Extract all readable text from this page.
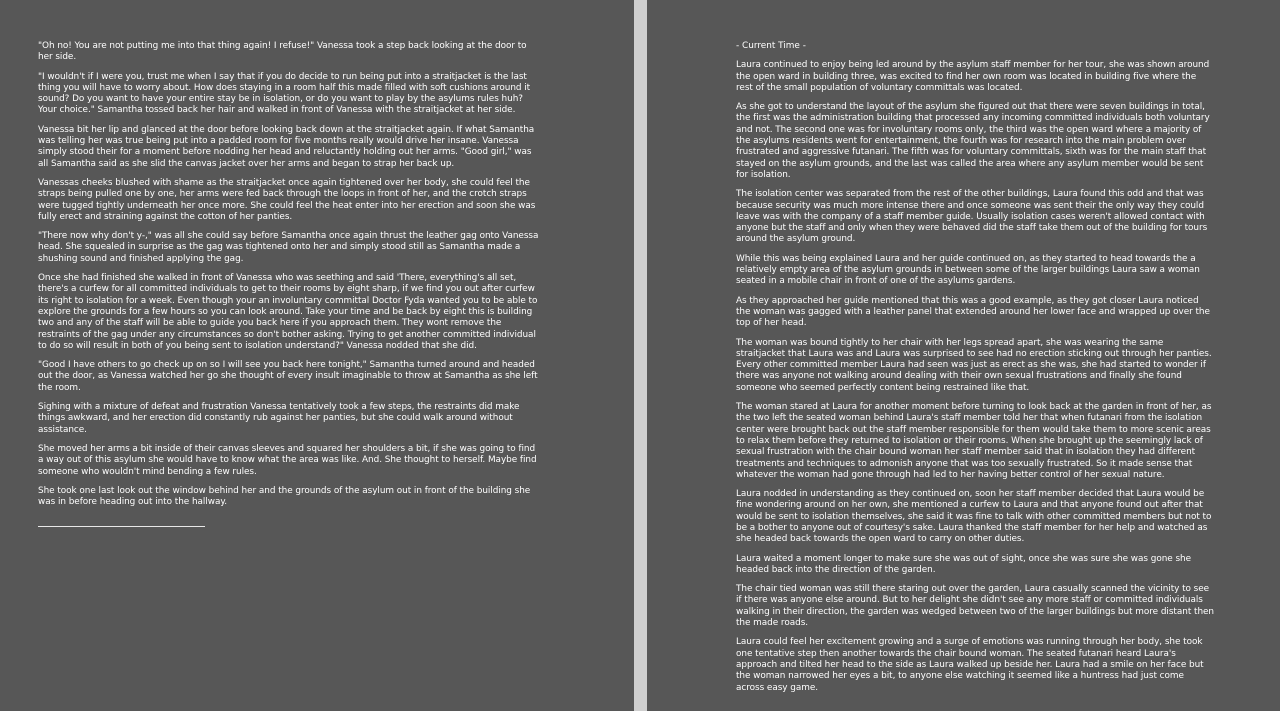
"Oh no! You are not putting me into that thing again! I refuse!" Vanessa took a step back looking at the door to her side.

"I wouldn't if I were you, trust me when I say that if you do decide to run being put into a straitjacket is the last thing you will have to worry about. How does staying in a room half this made filled with soft cushions around it sound? Do you want to have your entire stay be in isolation, or do you want to play by the asylums rules huh? Your choice." Samantha tossed back her hair and walked in front of Vanessa with the straitjacket at her side.

Vanessa bit her lip and glanced at the door before looking back down at the straitjacket again. If what Samantha was telling her was true being put into a padded room for five months really would drive her insane. Vanessa simply stood their for a moment before nodding her head and reluctantly holding out her arms. "Good girl," was all Samantha said as she slid the canvas jacket over her arms and began to strap her back up.

Vanessas cheeks blushed with shame as the straitjacket once again tightened over her body, she could feel the straps being pulled one by one, her arms were fed back through the loops in front of her, and the crotch straps were tugged tightly underneath her once more. She could feel the heat enter into her erection and soon she was fully erect and straining against the cotton of her panties.

"There now why don't y-," was all she could say before Samantha once again thrust the leather gag onto Vanessa head. She squealed in surprise as the gag was tightened onto her and simply stood still as Samantha made a shushing sound and finished applying the gag.

Once she had finished she walked in front of Vanessa who was seething and said 'There, everything's all set, there's a curfew for all committed individuals to get to their rooms by eight sharp, if we find you out after curfew its right to isolation for a week. Even though your an involuntary committal Doctor Fyda wanted you to be able to explore the grounds for a few hours so you can look around. Take your time and be back by eight this is building two and any of the staff will be able to guide you back here if you approach them. They wont remove the restraints of the gag under any circumstances so don't bother asking. Trying to get another committed individual to do so will result in both of you being sent to isolation understand?" Vanessa nodded that she did.

"Good I have others to go check up on so I will see you back here tonight," Samantha turned around and headed out the door, as Vanessa watched her go she thought of every insult imaginable to throw at Samantha as she left the room.

Sighing with a mixture of defeat and frustration Vanessa tentatively took a few steps, the restraints did make things awkward, and her erection did constantly rub against her panties, but she could walk around without assistance.

She moved her arms a bit inside of their canvas sleeves and squared her shoulders a bit, if she was going to find a way out of this asylum she would have to know what the area was like. And. She thought to herself. Maybe find someone who wouldn't mind bending a few rules.

She took one last look out the window behind her and the grounds of the asylum out in front of the building she was in before heading out into the hallway.

- Current Time -

Laura continued to enjoy being led around by the asylum staff member for her tour, she was shown around the open ward in building three, was excited to find her own room was located in building five where the rest of the small population of voluntary committals was located.

As she got to understand the layout of the asylum she figured out that there were seven buildings in total, the first was the administration building that processed any incoming committed individuals both voluntary and not. The second one was for involuntary rooms only, the third was the open ward where a majority of the asylums residents went for entertainment, the fourth was for research into the main problem over frustrated and aggressive futanari. The fifth was for voluntary committals, sixth was for the main staff that stayed on the asylum grounds, and the last was called the area where any asylum member would be sent for isolation.

The isolation center was separated from the rest of the other buildings, Laura found this odd and that was because security was much more intense there and once someone was sent their the only way they could leave was with the company of a staff member guide. Usually isolation cases weren't allowed contact with anyone but the staff and only when they were behaved did the staff take them out of the building for tours around the asylum ground.

While this was being explained Laura and her guide continued on, as they started to head towards the a relatively empty area of the asylum grounds in between some of the larger buildings Laura saw a woman seated in a mobile chair in front of one of the asylums gardens.

As they approached her guide mentioned that this was a good example, as they got closer Laura noticed the woman was gagged with a leather panel that extended around her lower face and wrapped up over the top of her head.

The woman was bound tightly to her chair with her legs spread apart, she was wearing the same straitjacket that Laura was and Laura was surprised to see had no erection sticking out through her panties. Every other committed member Laura had seen was just as erect as she was, she had started to wonder if there was anyone not walking around dealing with their own sexual frustrations and finally she found someone who seemed perfectly content being restrained like that.

The woman stared at Laura for another moment before turning to look back at the garden in front of her, as the two left the seated woman behind Laura's staff member told her that when futanari from the isolation center were brought back out the staff member responsible for them would take them to more scenic areas to relax them before they returned to isolation or their rooms. When she brought up the seemingly lack of sexual frustration with the chair bound woman her staff member said that in isolation they had different treatments and techniques to admonish anyone that was too sexually frustrated. So it made sense that whatever the woman had gone through had led to her having better control of her sexual nature.

Laura nodded in understanding as they continued on, soon her staff member decided that Laura would be fine wondering around on her own, she mentioned a curfew to Laura and that anyone found out after that would be sent to isolation themselves, she said it was fine to talk with other committed members but not to be a bother to anyone out of courtesy's sake. Laura thanked the staff member for her help and watched as she headed back towards the open ward to carry on other duties.

Laura waited a moment longer to make sure she was out of sight, once she was sure she was gone she headed back into the direction of the garden.

The chair tied woman was still there staring out over the garden, Laura casually scanned the vicinity to see if there was anyone else around. But to her delight she didn't see any more staff or committed individuals walking in their direction, the garden was wedged between two of the larger buildings but more distant then the made roads.

Laura could feel her excitement growing and a surge of emotions was running through her body, she took one tentative step then another towards the chair bound woman. The seated futanari heard Laura's approach and tilted her head to the side as Laura walked up beside her. Laura had a smile on her face but the woman narrowed her eyes a bit, to anyone else watching it seemed like a huntress had just come across easy game.
